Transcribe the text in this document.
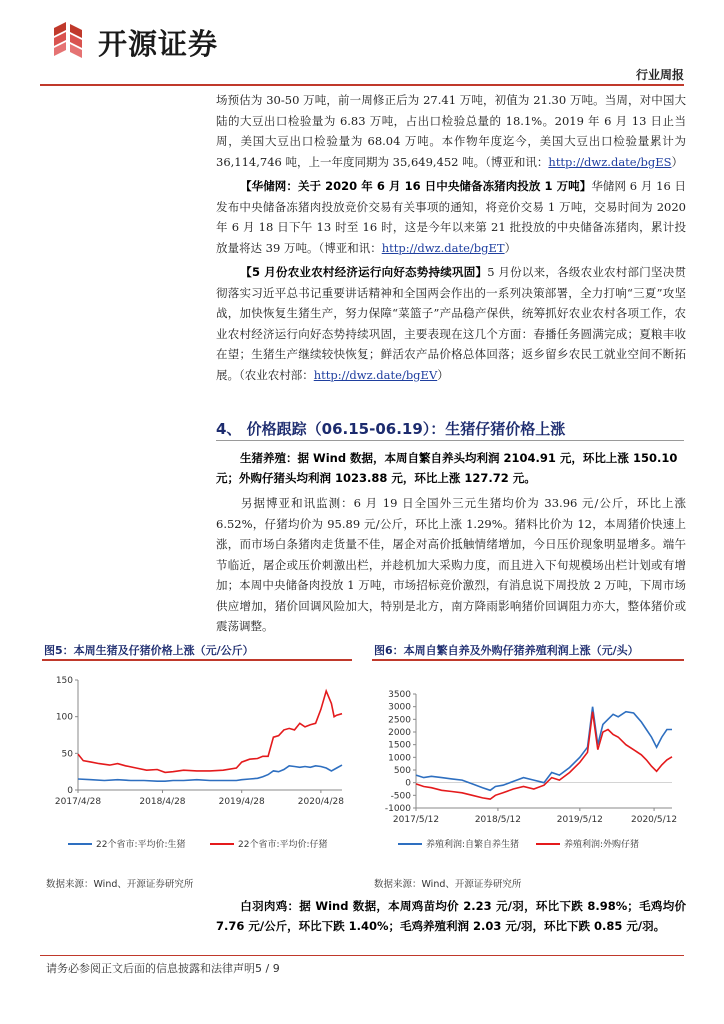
开源证券
行业周报
场预估为 30-50 万吨，前一周修正后为 27.41 万吨，初值为 21.30 万吨。当周，对中国大陆的大豆出口检验量为 6.83 万吨，占出口检验总量的 18.1%。2019 年 6 月 13 日止当周，美国大豆出口检验量为 68.04 万吨。本作物年度迄今，美国大豆出口检验量累计为 36,114,746 吨，上一年度同期为 35,649,452 吨。（博亚和讯：http://dwz.date/bgES）
【华储网：关于 2020 年 6 月 16 日中央储备冻猪肉投放 1 万吨】华储网 6 月 16 日发布中央储备冻猪肉投放竞价交易有关事项的通知，将竞价交易 1 万吨，交易时间为 2020 年 6 月 18 日下午 13 时至 16 时，这是今年以来第 21 批投放的中央储备冻猪肉，累计投放量将达 39 万吨。（博亚和讯：http://dwz.date/bgET）
【5 月份农业农村经济运行向好态势持续巩固】5 月份以来，各级农业农村部门坚决贯彻落实习近平总书记重要讲话精神和全国两会作出的一系列决策部署，全力打响“三夏”攻坚战，加快恢复生猪生产，努力保障“菜篮子”产品稳产保供，统筹抓好农业农村各项工作，农业农村经济运行向好态势持续巩固，主要表现在这几个方面：春播任务圆满完成；夏粮丰收在望；生猪生产继续较快恢复；鲜活农产品价格总体回落；返乡留乡农民工就业空间不断拓展。（农业农村部：http://dwz.date/bgEV）
4、 价格跟踪（06.15-06.19）：生猪仔猪价格上涨
生猪养殖：据 Wind 数据，本周自繁自养头均利润 2104.91 元，环比上涨 150.10 元；外购仔猪头均利润 1023.88 元，环比上涨 127.72 元。
另据博亚和讯监测：6 月 19 日全国外三元生猪均价为 33.96 元/公斤，环比上涨 6.52%，仔猪均价为 95.89 元/公斤，环比上涨 1.29%。猪料比价为 12，本周猪价快速上涨，而市场白条猪肉走货量不佳，屠企对高价抵触情绪增加，今日压价现象明显增多。端午节临近，屠企或压价刺激出栏，并趁机加大采购力度，而且进入下旬规模场出栏计划或有增加；本周中央储备肉投放 1 万吨，市场招标竞价激烈，有消息说下周投放 2 万吨，下周市场供应增加，猪价回调风险加大，特别是北方，南方降雨影响猪价回调阻力亦大，整体猪价或震荡调整。
图5：本周生猪及仔猪价格上涨（元/公斤）	图6：本周自繁自养及外购仔猪养殖利润上涨（元/头）
0
50
100
150
2017/4/28	2018/4/28	2019/4/28	2020/4/28
22个省市:平均价:生猪	22个省市:平均价:仔猪
-1000
-500
0
500
1000
1500
2000
2500
3000
3500
2017/5/12	2018/5/12	2019/5/12	2020/5/12
养殖利润:自繁自养生猪	养殖利润:外购仔猪
数据来源：Wind、开源证券研究所	数据来源：Wind、开源证券研究所
白羽肉鸡：据 Wind 数据，本周鸡苗均价 2.23 元/羽，环比下跌 8.98%；毛鸡均价 7.76 元/公斤，环比下跌 1.40%；毛鸡养殖利润 2.03 元/羽，环比下跌 0.85 元/羽。
请务必参阅正文后面的信息披露和法律声明5 / 9
